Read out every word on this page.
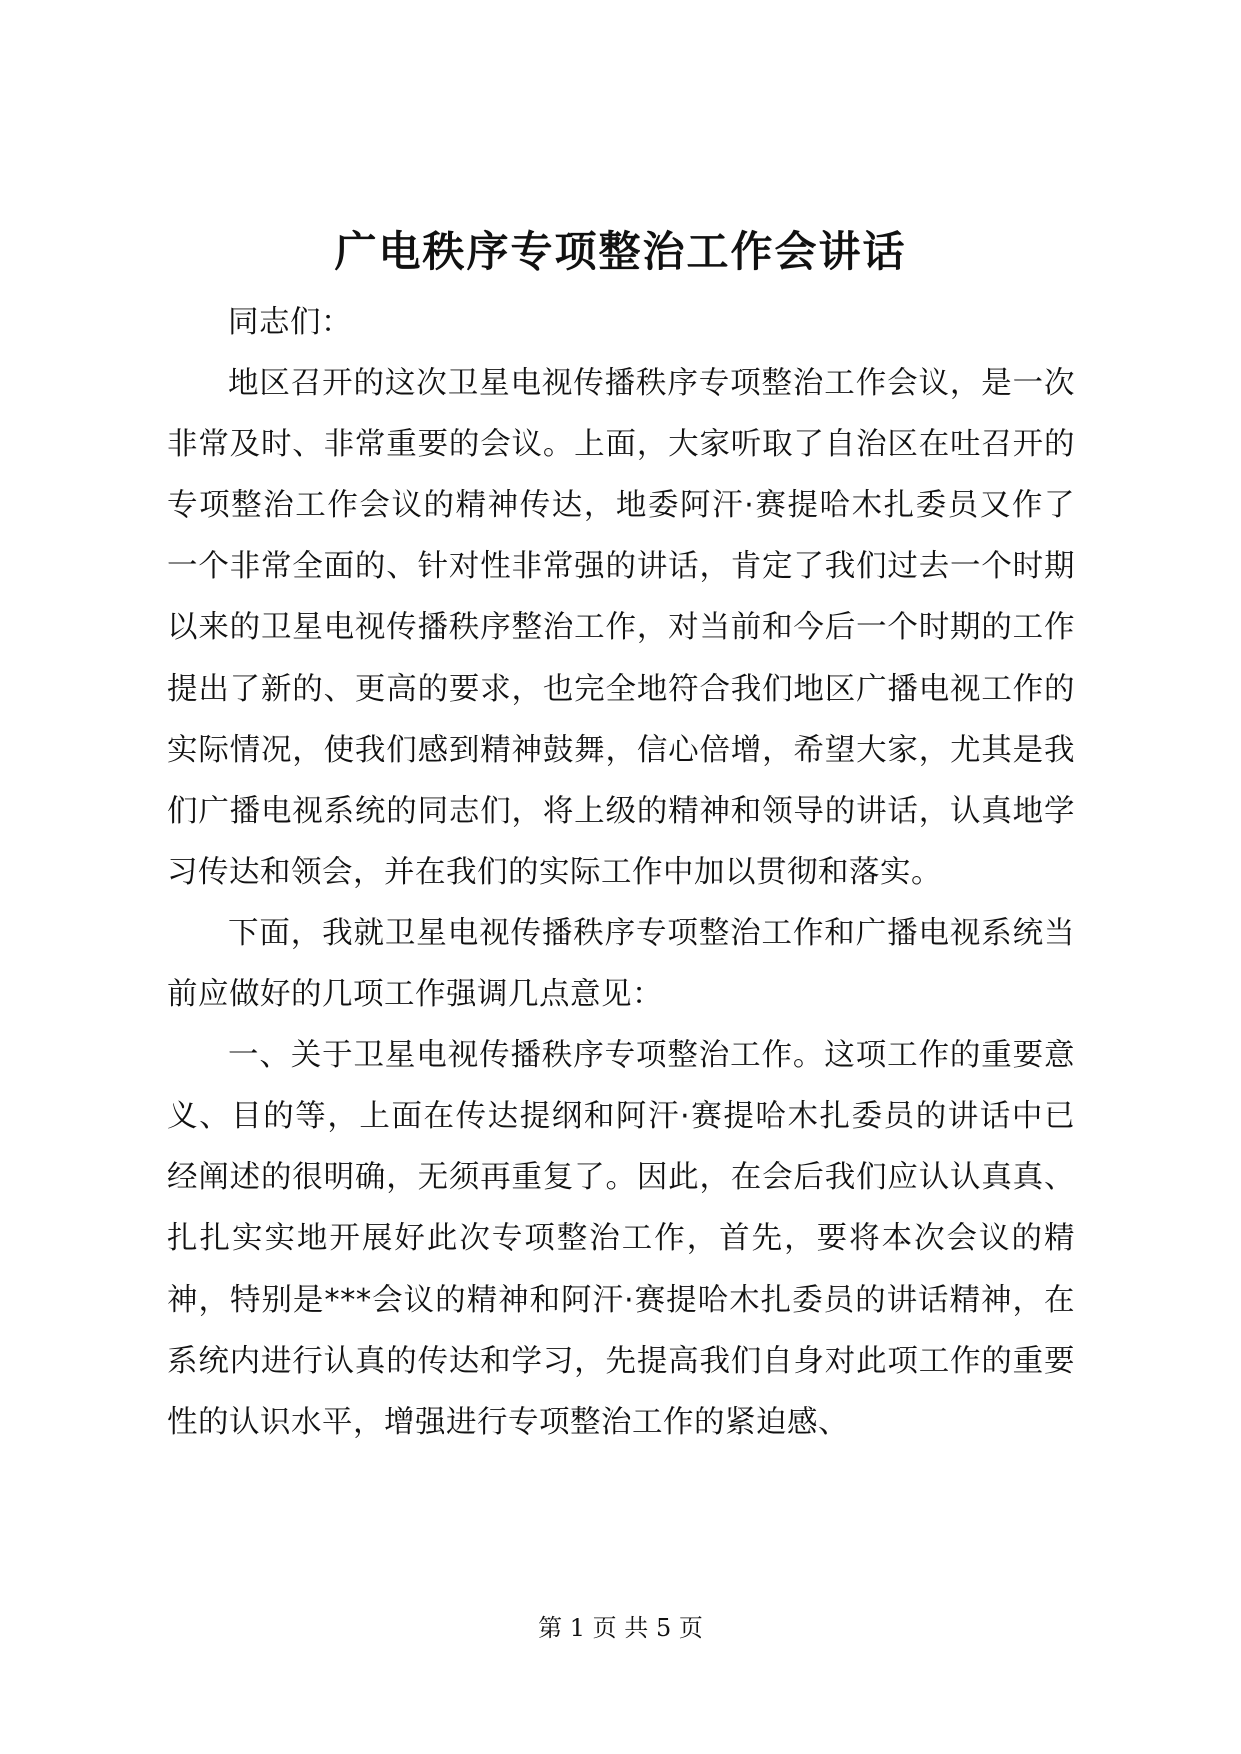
广电秩序专项整治工作会讲话

同志们：

地区召开的这次卫星电视传播秩序专项整治工作会议，是一次非常及时、非常重要的会议。上面，大家听取了自治区在吐召开的专项整治工作会议的精神传达，地委阿汗·赛提哈木扎委员又作了一个非常全面的、针对性非常强的讲话，肯定了我们过去一个时期以来的卫星电视传播秩序整治工作，对当前和今后一个时期的工作提出了新的、更高的要求，也完全地符合我们地区广播电视工作的实际情况，使我们感到精神鼓舞，信心倍增，希望大家，尤其是我们广播电视系统的同志们，将上级的精神和领导的讲话，认真地学习传达和领会，并在我们的实际工作中加以贯彻和落实。

下面，我就卫星电视传播秩序专项整治工作和广播电视系统当前应做好的几项工作强调几点意见：

一、关于卫星电视传播秩序专项整治工作。这项工作的重要意义、目的等，上面在传达提纲和阿汗·赛提哈木扎委员的讲话中已经阐述的很明确，无须再重复了。因此，在会后我们应认认真真、扎扎实实地开展好此次专项整治工作，首先，要将本次会议的精神，特别是***会议的精神和阿汗·赛提哈木扎委员的讲话精神，在系统内进行认真的传达和学习，先提高我们自身对此项工作的重要性的认识水平，增强进行专项整治工作的紧迫感、

第 1 页 共 5 页
